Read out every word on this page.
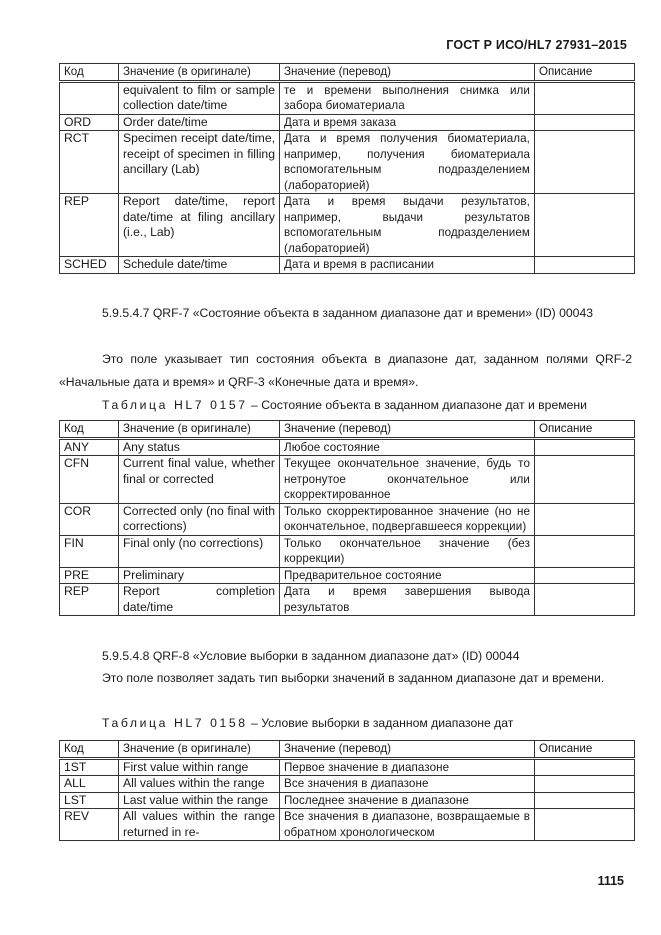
ГОСТ Р ИСО/HL7 27931–2015
Код	Значение (в оригинале)	Значение (перевод)	Описание
	equivalent to film or sample collection date/time	те и времени выполнения снимка или забора биоматериала	
ORD	Order date/time	Дата и время заказа	
RCT	Specimen receipt date/time, receipt of specimen in filling ancillary (Lab)	Дата и время получения биоматериала, например, получения биоматериала вспомогательным подразделением (лабораторией)	
REP	Report date/time, report date/time at filing ancillary (i.e., Lab)	Дата и время выдачи результатов, например, выдачи результатов вспомогательным подразделением (лабораторией)	
SCHED	Schedule date/time	Дата и время в расписании	
5.9.5.4.7 QRF-7 «Состояние объекта в заданном диапазоне дат и времени» (ID) 00043
Это поле указывает тип состояния объекта в диапазоне дат, заданном полями QRF-2 «Начальные дата и время» и QRF-3 «Конечные дата и время».
Таблица HL7 0157 – Состояние объекта в заданном диапазоне дат и времени
Код	Значение (в оригинале)	Значение (перевод)	Описание
ANY	Any status	Любое состояние	
CFN	Current final value, whether final or corrected	Текущее окончательное значение, будь то нетронутое окончательное или скорректированное	
COR	Corrected only (no final with corrections)	Только скорректированное значение (но не окончательное, подвергавшееся коррекции)	
FIN	Final only (no corrections)	Только окончательное значение (без коррекции)	
PRE	Preliminary	Предварительное состояние	
REP	Report completion date/time	Дата и время завершения вывода результатов	
5.9.5.4.8 QRF-8 «Условие выборки в заданном диапазоне дат» (ID) 00044
Это поле позволяет задать тип выборки значений в заданном диапазоне дат и времени.
Таблица HL7 0158 – Условие выборки в заданном диапазоне дат
Код	Значение (в оригинале)	Значение (перевод)	Описание
1ST	First value within range	Первое значение в диапазоне	
ALL	All values within the range	Все значения в диапазоне	
LST	Last value within the range	Последнее значение в диапазоне	
REV	All values within the range returned in re-	Все значения в диапазоне, возвращаемые в обратном хронологическом	
1115
